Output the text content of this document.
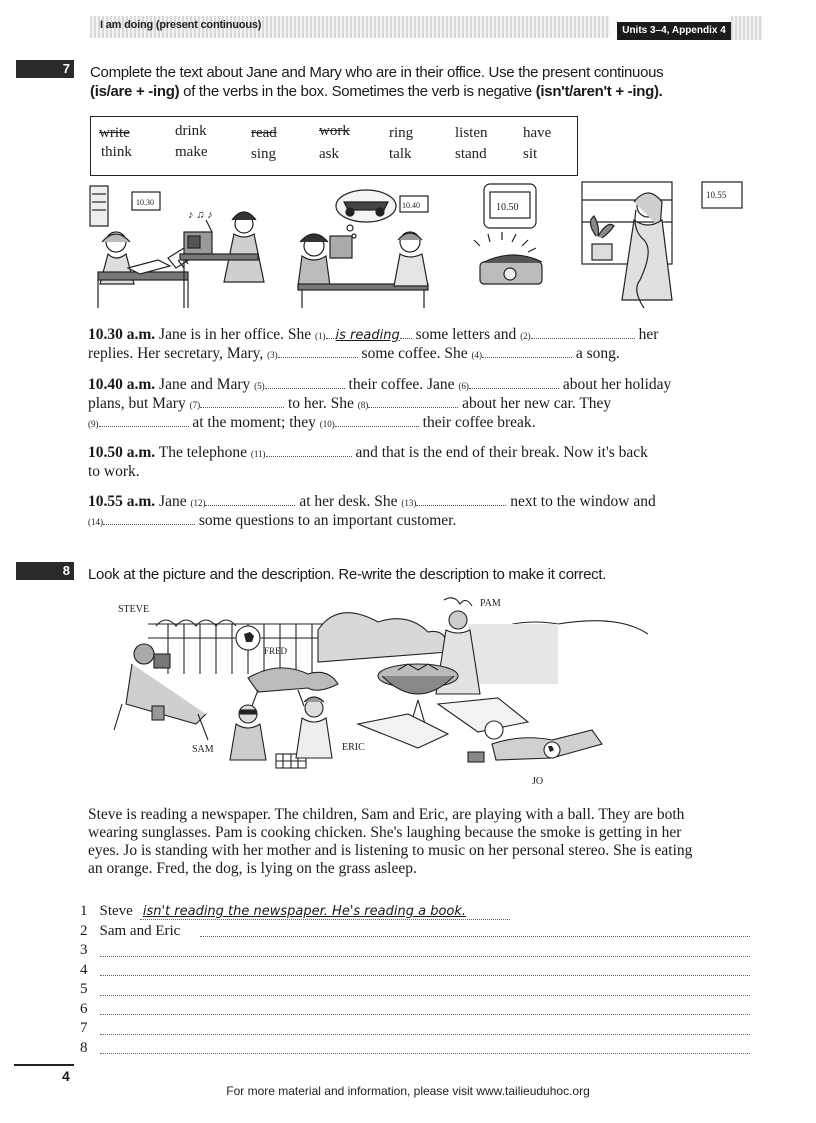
I am doing (present continuous)	Units 3–4, Appendix 4
7 Complete the text about Jane and Mary who are in their office. Use the present continuous
(is/are + -ing) of the verbs in the box. Sometimes the verb is negative (isn't/aren't + -ing).
write	drink	read	work	ring	listen have
think	make	sing	ask	talk	stand sit
10.30
♪ ♫ ♪
10.40	10.50
10.55
10.30 a.m. Jane is in her office. She (1) is reading some letters and (2)	her
replies. Her secretary, Mary, (3)	some coffee. She (4)	a song.
10.40 a.m. Jane and Mary (5)	their coffee. Jane (6)	about her holiday
plans, but Mary (7)	to her. She (8)	about her new car. They
(9)	at the moment; they (10)	their coffee break.
10.50 a.m. The telephone (11)	and that is the end of their break. Now it's back
to work.
10.55 a.m. Jane (12)	at her desk. She (13)	next to the window and
(14)	some questions to an important customer.
8 Look at the picture and the description. Re-write the description to make it correct.
STEVE
FRED
PAM
SAM	ERIC
JO
Steve is reading a newspaper. The children, Sam and Eric, are playing with a ball. They are both
wearing sunglasses. Pam is cooking chicken. She's laughing because the smoke is getting in her
eyes. Jo is standing with her mother and is listening to music on her personal stereo. She is eating
an orange. Fred, the dog, is lying on the grass asleep.
1 Steve isn't reading the newspaper. He's reading a book.
2 Sam and Eric
3
4
5
6
7
8
4
For more material and information, please visit www.tailieuduhoc.org
